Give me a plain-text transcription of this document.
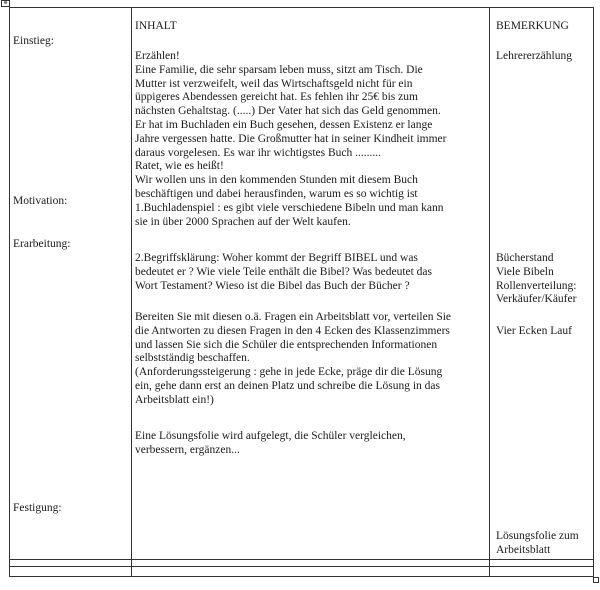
⊕
INHALT	BEMERKUNG
Einstieg:
Motivation:
Erarbeitung:
Festigung:
Erzählen!
Eine Familie, die sehr sparsam leben muss, sitzt am Tisch. Die
Mutter ist verzweifelt, weil das Wirtschaftsgeld nicht für ein
üppigeres Abendessen gereicht hat. Es fehlen ihr 25€ bis zum
nächsten Gehaltstag. (.....) Der Vater hat sich das Geld genommen.
Er hat im Buchladen ein Buch gesehen, dessen Existenz er lange
Jahre vergessen hatte. Die Großmutter hat in seiner Kindheit immer
daraus vorgelesen. Es war ihr wichtigstes Buch .........
Ratet, wie es heißt!
Wir wollen uns in den kommenden Stunden mit diesem Buch
beschäftigen und dabei herausfinden, warum es so wichtig ist
1.Buchladenspiel : es gibt viele verschiedene Bibeln und man kann
sie in über 2000 Sprachen auf der Welt kaufen.
2.Begriffsklärung: Woher kommt der Begriff BIBEL und was
bedeutet er ? Wie viele Teile enthält die Bibel? Was bedeutet das
Wort Testament? Wieso ist die Bibel das Buch der Bücher ?
Bereiten Sie mit diesen o.ä. Fragen ein Arbeitsblatt vor, verteilen Sie
die Antworten zu diesen Fragen in den 4 Ecken des Klassenzimmers
und lassen Sie sich die Schüler die entsprechenden Informationen
selbstständig beschaffen.
(Anforderungssteigerung : gehe in jede Ecke, präge dir die Lösung
ein, gehe dann erst an deinen Platz und schreibe die Lösung in das
Arbeitsblatt ein!)
Eine Lösungsfolie wird aufgelegt, die Schüler vergleichen,
verbessern, ergänzen...
Lehrererzählung
Bücherstand
Viele Bibeln
Rollenverteilung:
Verkäufer/Käufer
Vier Ecken Lauf
Lösungsfolie zum
Arbeitsblatt
